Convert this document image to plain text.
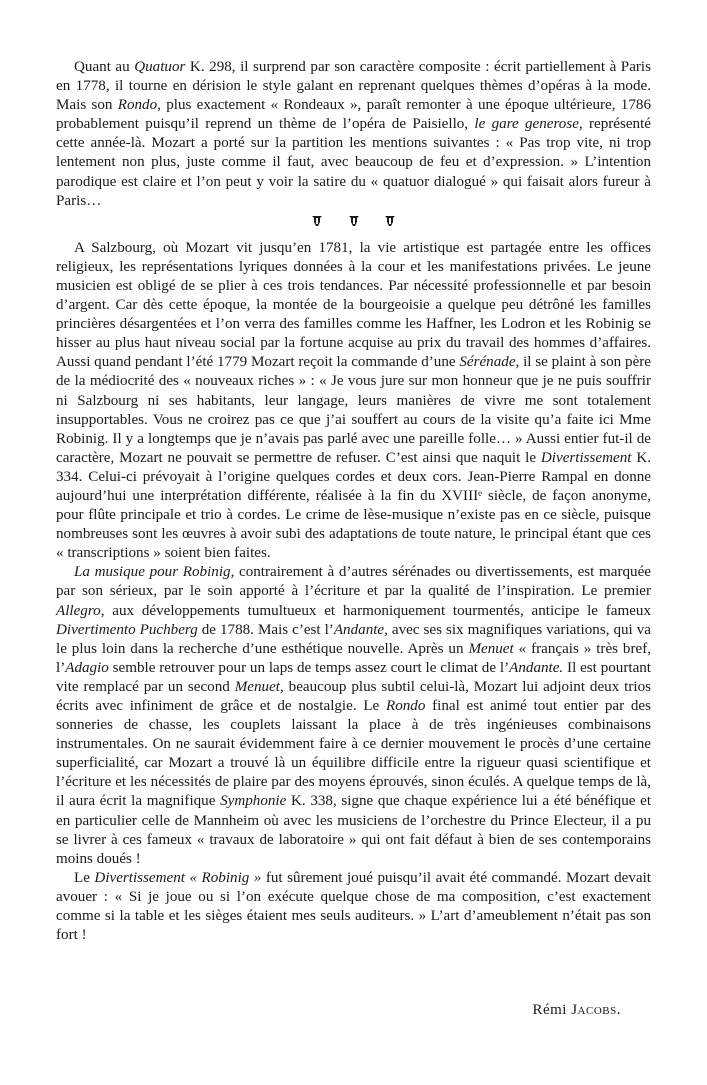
Quant au Quatuor K. 298, il surprend par son caractère composite : écrit partiellement à Paris en 1778, il tourne en dérision le style galant en reprenant quelques thèmes d’opéras à la mode. Mais son Rondo, plus exactement « Rondeaux », paraît remonter à une époque ultérieure, 1786 probablement puisqu’il reprend un thème de l’opéra de Paisiello, le gare generose, représenté cette année-là. Mozart a porté sur la partition les mentions suivantes : « Pas trop vite, ni trop lentement non plus, juste comme il faut, avec beaucoup de feu et d’expression. » L’intention parodique est claire et l’on peut y voir la satire du « quatuor dialogué » qui faisait alors fureur à Paris…

A Salzbourg, où Mozart vit jusqu’en 1781, la vie artistique est partagée entre les offices religieux, les représentations lyriques données à la cour et les manifestations privées. Le jeune musicien est obligé de se plier à ces trois tendances. Par nécessité professionnelle et par besoin d’argent. Car dès cette époque, la montée de la bourgeoisie a quelque peu détrôné les familles princières désargentées et l’on verra des familles comme les Haffner, les Lodron et les Robinig se hisser au plus haut niveau social par la fortune acquise au prix du travail des hommes d’affaires. Aussi quand pendant l’été 1779 Mozart reçoit la commande d’une Sérénade, il se plaint à son père de la médiocrité des « nouveaux riches » : « Je vous jure sur mon honneur que je ne puis souffrir ni Salzbourg ni ses habitants, leur langage, leurs manières de vivre me sont totalement insupportables. Vous ne croirez pas ce que j’ai souffert au cours de la visite qu’a faite ici Mme Robinig. Il y a longtemps que je n’avais pas parlé avec une pareille folle… » Aussi entier fut-il de caractère, Mozart ne pouvait se permettre de refuser. C’est ainsi que naquit le Divertissement K. 334. Celui-ci prévoyait à l’origine quelques cordes et deux cors. Jean-Pierre Rampal en donne aujourd’hui une interprétation différente, réalisée à la fin du XVIIIᵉ siècle, de façon anonyme, pour flûte principale et trio à cordes. Le crime de lèse-musique n’existe pas en ce siècle, puisque nombreuses sont les œuvres à avoir subi des adaptations de toute nature, le principal étant que ces « transcriptions » soient bien faites.

La musique pour Robinig, contrairement à d’autres sérénades ou divertissements, est marquée par son sérieux, par le soin apporté à l’écriture et par la qualité de l’inspiration. Le premier Allegro, aux développements tumultueux et harmoniquement tourmentés, anticipe le fameux Divertimento Puchberg de 1788. Mais c’est l’Andante, avec ses six magnifiques variations, qui va le plus loin dans la recherche d’une esthétique nouvelle. Après un Menuet « français » très bref, l’Adagio semble retrouver pour un laps de temps assez court le climat de l’Andante. Il est pourtant vite remplacé par un second Menuet, beaucoup plus subtil celui-là, Mozart lui adjoint deux trios écrits avec infiniment de grâce et de nostalgie. Le Rondo final est animé tout entier par des sonneries de chasse, les couplets laissant la place à de très ingénieuses combinaisons instrumentales. On ne saurait évidemment faire à ce dernier mouvement le procès d’une certaine superficialité, car Mozart a trouvé là un équilibre difficile entre la rigueur quasi scientifique et l’écriture et les nécessités de plaire par des moyens éprouvés, sinon éculés. A quelque temps de là, il aura écrit la magnifique Symphonie K. 338, signe que chaque expérience lui a été bénéfique et en particulier celle de Mannheim où avec les musiciens de l’orchestre du Prince Electeur, il a pu se livrer à ces fameux « travaux de laboratoire » qui ont fait défaut à bien de ses contemporains moins doués !

Le Divertissement « Robinig » fut sûrement joué puisqu’il avait été commandé. Mozart devait avouer : « Si je joue ou si l’on exécute quelque chose de ma composition, c’est exactement comme si la table et les sièges étaient mes seuls auditeurs. » L’art d’ameublement n’était pas son fort !

Rémi Jacobs.
